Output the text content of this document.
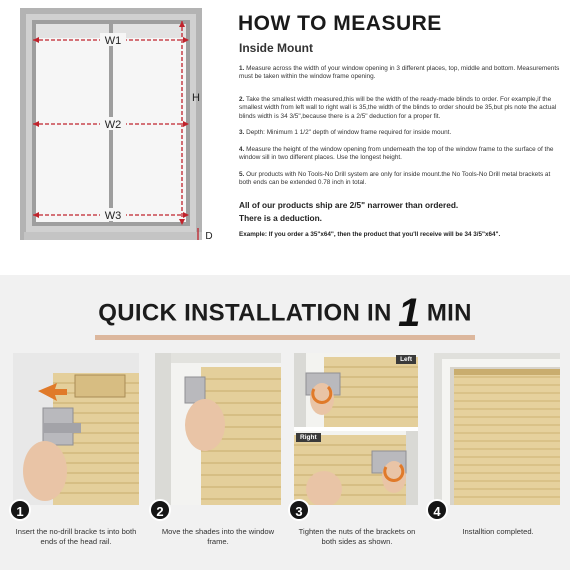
W1
W2
W3
H
D
HOW TO MEASURE
Inside Mount
1. Measure across the width of your window opening in 3 different places, top, middle and bottom. Measurements must be taken within the window frame opening.
2. Take the smallest width measured,this will be the width of the ready-made blinds to order. For example,if the smallest width from left wall to right wall is 35,the width of the blinds to order should be 35,but pls note the actual blinds width is 34 3/5",because there is a 2/5" deduction for a proper fit.
3. Depth: Minimum 1 1/2" depth of window frame required for inside mount.
4. Measure the height of the window opening from underneath the top of the window frame to the surface of the window sill in two different places. Use the longest height.
5. Our products with No Tools-No Drill system are only for inside mount.the No Tools-No Drill metal brackets at both ends can be extended 0.78 inch in total.
All of our products ship are 2/5" narrower than ordered.
There is a deduction.
Example: If you order a 35"x64", then the product that you'll receive will be 34 3/5"x64".
QUICK INSTALLATION IN 1 MIN
Left
Right
1	2	3	4
Insert the no-drill bracke ts into both ends of the head rail.
Move the shades into the window frame.
Tighten the nuts of the brackets on both sides as shown.
Installtion completed.
